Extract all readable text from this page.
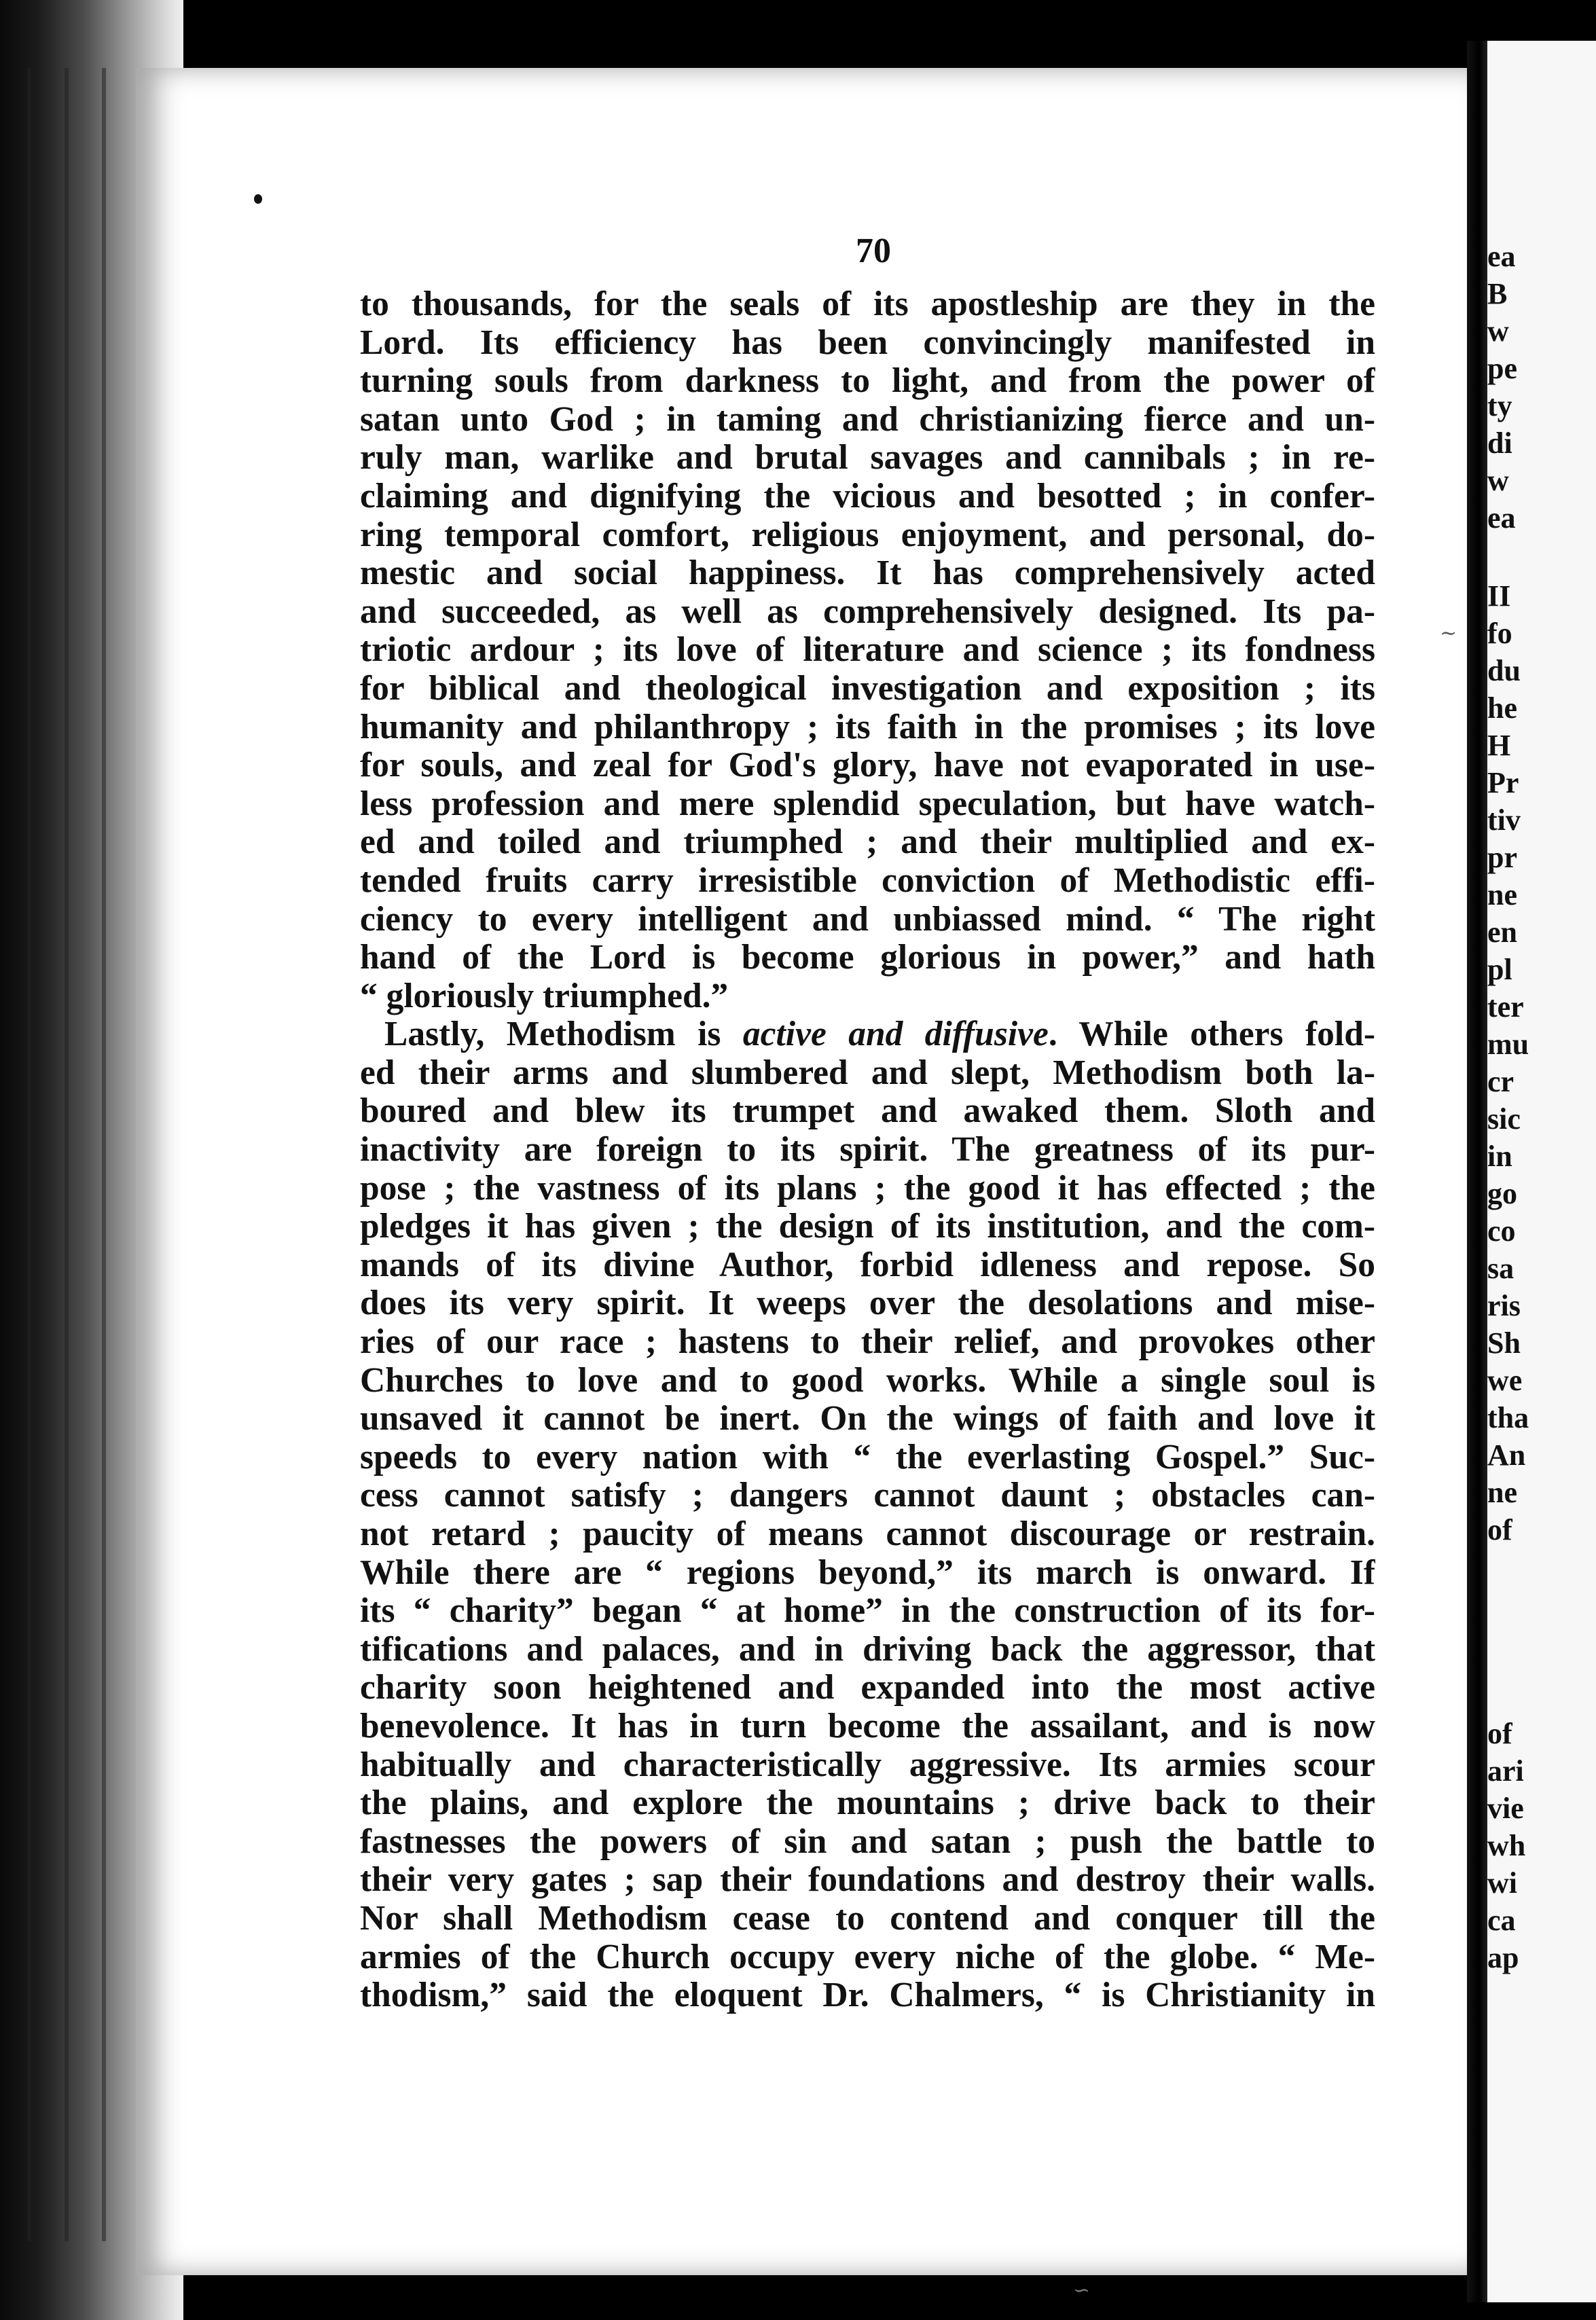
ea
B
w
pe
ty
di
w
ea
II
fo
du
he
H
Pr
tiv
pr
ne
en
pl
ter
mu
cr
sic
in
go
co
sa
ris
Sh
we
tha
An
ne
of
of
ari
vie
wh
wi
ca
ap
70
to thousands, for the seals of its apostleship are they in the
Lord. Its efficiency has been convincingly manifested in
turning souls from darkness to light, and from the power of
satan unto God ; in taming and christianizing fierce and un-
ruly man, warlike and brutal savages and cannibals ; in re-
claiming and dignifying the vicious and besotted ; in confer-
ring temporal comfort, religious enjoyment, and personal, do-
mestic and social happiness. It has comprehensively acted
and succeeded, as well as comprehensively designed. Its pa-
triotic ardour ; its love of literature and science ; its fondness
for biblical and theological investigation and exposition ; its
humanity and philanthropy ; its faith in the promises ; its love
for souls, and zeal for God's glory, have not evaporated in use-
less profession and mere splendid speculation, but have watch-
ed and toiled and triumphed ; and their multiplied and ex-
tended fruits carry irresistible conviction of Methodistic effi-
ciency to every intelligent and unbiassed mind. “ The right
hand of the Lord is become glorious in power,” and hath
“ gloriously triumphed.”
Lastly, Methodism is active and diffusive. While others fold-
ed their arms and slumbered and slept, Methodism both la-
boured and blew its trumpet and awaked them. Sloth and
inactivity are foreign to its spirit. The greatness of its pur-
pose ; the vastness of its plans ; the good it has effected ; the
pledges it has given ; the design of its institution, and the com-
mands of its divine Author, forbid idleness and repose. So
does its very spirit. It weeps over the desolations and mise-
ries of our race ; hastens to their relief, and provokes other
Churches to love and to good works. While a single soul is
unsaved it cannot be inert. On the wings of faith and love it
speeds to every nation with “ the everlasting Gospel.” Suc-
cess cannot satisfy ; dangers cannot daunt ; obstacles can-
not retard ; paucity of means cannot discourage or restrain.
While there are “ regions beyond,” its march is onward. If
its “ charity” began “ at home” in the construction of its for-
tifications and palaces, and in driving back the aggressor, that
charity soon heightened and expanded into the most active
benevolence. It has in turn become the assailant, and is now
habitually and characteristically aggressive. Its armies scour
the plains, and explore the mountains ; drive back to their
fastnesses the powers of sin and satan ; push the battle to
their very gates ; sap their foundations and destroy their walls.
Nor shall Methodism cease to contend and conquer till the
armies of the Church occupy every niche of the globe. “ Me-
thodism,” said the eloquent Dr. Chalmers, “ is Christianity in
∼
∽
